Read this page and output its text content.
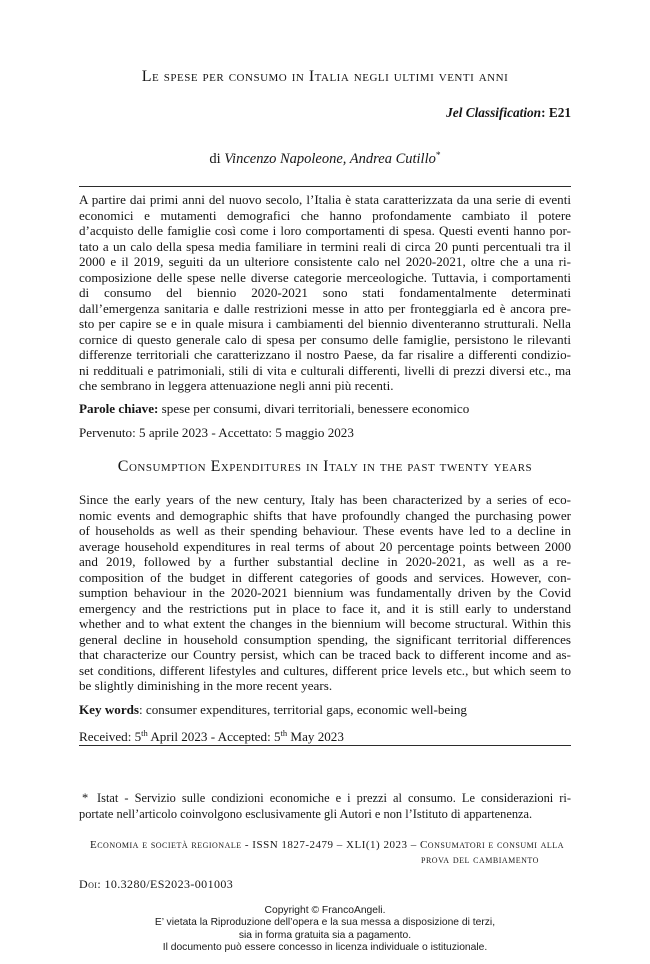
Le spese per consumo in Italia negli ultimi venti anni
Jel Classification: E21
di Vincenzo Napoleone, Andrea Cutillo*
A partire dai primi anni del nuovo secolo, l’Italia è stata caratterizzata da una serie di eventi
economici e mutamenti demografici che hanno profondamente cambiato il potere
d’acquisto delle famiglie così come i loro comportamenti di spesa. Questi eventi hanno por-
tato a un calo della spesa media familiare in termini reali di circa 20 punti percentuali tra il
2000 e il 2019, seguiti da un ulteriore consistente calo nel 2020-2021, oltre che a una ri-
composizione delle spese nelle diverse categorie merceologiche. Tuttavia, i comportamenti
di consumo del biennio 2020-2021 sono stati fondamentalmente determinati
dall’emergenza sanitaria e dalle restrizioni messe in atto per fronteggiarla ed è ancora pre-
sto per capire se e in quale misura i cambiamenti del biennio diventeranno strutturali. Nella
cornice di questo generale calo di spesa per consumo delle famiglie, persistono le rilevanti
differenze territoriali che caratterizzano il nostro Paese, da far risalire a differenti condizio-
ni reddituali e patrimoniali, stili di vita e culturali differenti, livelli di prezzi diversi etc., ma
che sembrano in leggera attenuazione negli anni più recenti.
Parole chiave: spese per consumi, divari territoriali, benessere economico
Pervenuto: 5 aprile 2023 - Accettato: 5 maggio 2023
Consumption Expenditures in Italy in the past twenty years
Since the early years of the new century, Italy has been characterized by a series of eco-
nomic events and demographic shifts that have profoundly changed the purchasing power
of households as well as their spending behaviour. These events have led to a decline in
average household expenditures in real terms of about 20 percentage points between 2000
and 2019, followed by a further substantial decline in 2020-2021, as well as a re-
composition of the budget in different categories of goods and services. However, con-
sumption behaviour in the 2020-2021 biennium was fundamentally driven by the Covid
emergency and the restrictions put in place to face it, and it is still early to understand
whether and to what extent the changes in the biennium will become structural. Within this
general decline in household consumption spending, the significant territorial differences
that characterize our Country persist, which can be traced back to different income and as-
set conditions, different lifestyles and cultures, different price levels etc., but which seem to
be slightly diminishing in the more recent years.
Key words: consumer expenditures, territorial gaps, economic well-being
Received: 5th April 2023 - Accepted: 5th May 2023
* Istat - Servizio sulle condizioni economiche e i prezzi al consumo. Le considerazioni ri-
portate nell’articolo coinvolgono esclusivamente gli Autori e non l’Istituto di appartenenza.
Economia e società regionale - ISSN 1827-2479 – XLI(1) 2023 – Consumatori e consumi alla
prova del cambiamento
Doi: 10.3280/ES2023-001003
Copyright © FrancoAngeli.
E’ vietata la Riproduzione dell’opera e la sua messa a disposizione di terzi,
sia in forma gratuita sia a pagamento.
Il documento può essere concesso in licenza individuale o istituzionale.
